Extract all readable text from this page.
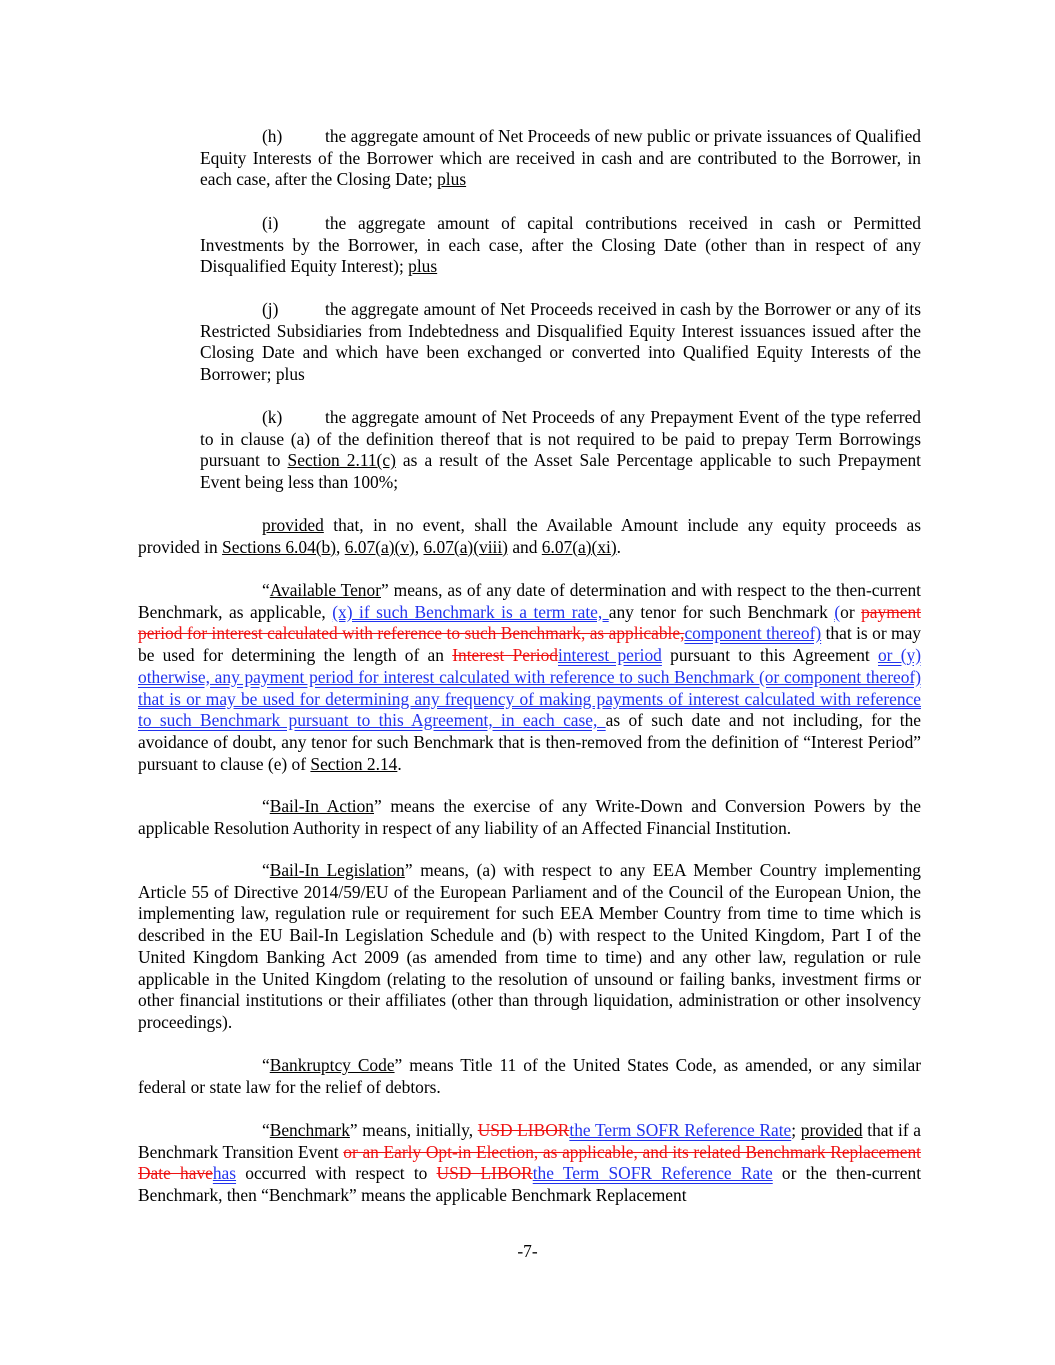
(h) the aggregate amount of Net Proceeds of new public or private issuances of Qualified Equity Interests of the Borrower which are received in cash and are contributed to the Borrower, in each case, after the Closing Date; plus

(i)	the aggregate amount of capital contributions received in cash or Permitted Investments by the Borrower, in each case, after the Closing Date (other than in respect of any Disqualified Equity Interest); plus

(j)	the aggregate amount of Net Proceeds received in cash by the Borrower or any of its Restricted Subsidiaries from Indebtedness and Disqualified Equity Interest issuances issued after the Closing Date and which have been exchanged or converted into Qualified Equity Interests of the Borrower; plus

(k) the aggregate amount of Net Proceeds of any Prepayment Event of the type referred to in clause (a) of the definition thereof that is not required to be paid to prepay Term Borrowings pursuant to Section 2.11(c) as a result of the Asset Sale Percentage applicable to such Prepayment Event being less than 100%;

provided that, in no event, shall the Available Amount include any equity proceeds as provided in Sections 6.04(b), 6.07(a)(v), 6.07(a)(viii) and 6.07(a)(xi).

“Available Tenor” means, as of any date of determination and with respect to the then-current Benchmark, as applicable, (x) if such Benchmark is a term rate, any tenor for such Benchmark (or payment period for interest calculated with reference to such Benchmark, as applicable,component thereof) that is or may be used for determining the length of an Interest Periodinterest period pursuant to this Agreement or (y) otherwise, any payment period for interest calculated with reference to such Benchmark (or component thereof) that is or may be used for determining any frequency of making payments of interest calculated with reference to such Benchmark pursuant to this Agreement, in each case, as of such date and not including, for the avoidance of doubt, any tenor for such Benchmark that is then-removed from the definition of “Interest Period” pursuant to clause (e) of Section 2.14.

“Bail-In Action” means the exercise of any Write-Down and Conversion Powers by the applicable Resolution Authority in respect of any liability of an Affected Financial Institution.

“Bail-In Legislation” means, (a) with respect to any EEA Member Country implementing Article 55 of Directive 2014/59/EU of the European Parliament and of the Council of the European Union, the implementing law, regulation rule or requirement for such EEA Member Country from time to time which is described in the EU Bail-In Legislation Schedule and (b) with respect to the United Kingdom, Part I of the United Kingdom Banking Act 2009 (as amended from time to time) and any other law, regulation or rule applicable in the United Kingdom (relating to the resolution of unsound or failing banks, investment firms or other financial institutions or their affiliates (other than through liquidation, administration or other insolvency proceedings).

“Bankruptcy Code” means Title 11 of the United States Code, as amended, or any similar federal or state law for the relief of debtors.

“Benchmark” means, initially, USD LIBORthe Term SOFR Reference Rate; provided that if a Benchmark Transition Event or an Early Opt-in Election, as applicable, and its related Benchmark Replacement Date havehas occurred with respect to USD LIBORthe Term SOFR Reference Rate or the then-current Benchmark, then “Benchmark” means the applicable Benchmark Replacement

-7-
